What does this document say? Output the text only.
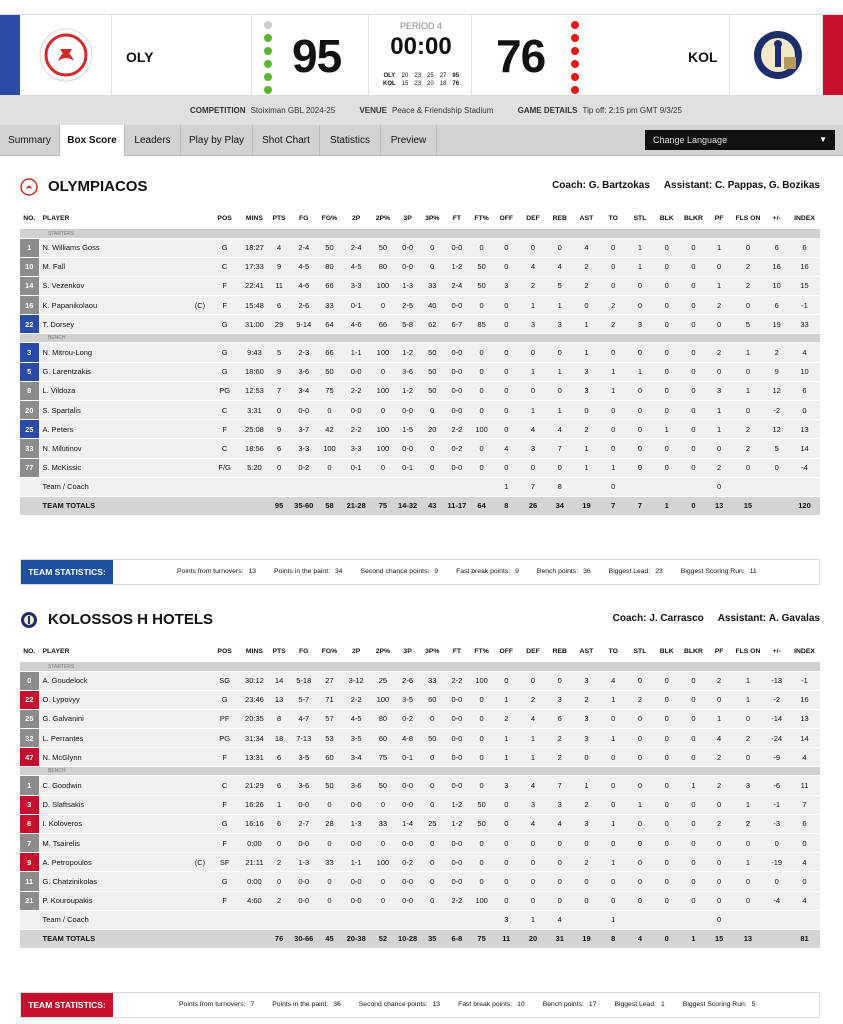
OLY	95
PERIOD 4
00:00
OLY	20	23	25	27	95
KOL	15	23	20	18	76
76	KOL
COMPETITION Stoiximan GBL 2024-25	VENUE Peace & Friendship Stadium	GAME DETAILS Tip off: 2:15 pm GMT 9/3/25
Summary	Box Score	Leaders	Play by Play	Shot Chart	Statistics	Preview	Change Language	▼
OLYMPIACOS	Coach: G. Bartzokas Assistant: C. Pappas, G. Bozikas
NO.	PLAYER	POS	MINS	PTS	FG	FG%	2P	2P%	3P	3P%	FT	FT%	OFF	DEF	REB	AST	TO	STL	BLK	BLKR	PF	FLS ON	+/-	INDEX
STARTERS																								
1	N. Williams Goss	G	18:27	4	2-4	50	2-4	50	0-0	0	0-0	0	0	0	0	4	0	1	0	0	1	0	6	6
10	M. Fall	C	17:33	9	4-5	80	4-5	80	0-0	0	1-2	50	0	4	4	2	0	1	0	0	0	2	16	16
14	S. Vezenkov	F	22:41	11	4-6	66	3-3	100	1-3	33	2-4	50	3	2	5	2	0	0	0	0	1	2	10	15
16	K. Papanikolaou (C)	F	15:48	6	2-6	33	0-1	0	2-5	40	0-0	0	0	1	1	0	2	0	0	0	2	0	6	-1
22	T. Dorsey	G	31:00	29	9-14	64	4-6	66	5-8	62	6-7	85	0	3	3	1	2	3	0	0	0	5	19	33
BENCH																								
3	N. Mitrou-Long	G	9:43	5	2-3	66	1-1	100	1-2	50	0-0	0	0	0	0	1	0	0	0	0	2	1	2	4
5	G. Larentzakis	G	18:60	9	3-6	50	0-0	0	3-6	50	0-0	0	0	1	1	3	1	1	0	0	0	0	9	10
8	L. Vildoza	PG	12:53	7	3-4	75	2-2	100	1-2	50	0-0	0	0	0	0	3	1	0	0	0	3	1	12	6
20	S. Spartalis	C	3:31	0	0-0	0	0-0	0	0-0	0	0-0	0	0	1	1	0	0	0	0	0	1	0	-2	0
25	A. Peters	F	25:08	9	3-7	42	2-2	100	1-5	20	2-2	100	0	4	4	2	0	0	1	0	1	2	12	13
33	N. Milutinov	C	18:56	6	3-3	100	3-3	100	0-0	0	0-2	0	4	3	7	1	0	0	0	0	0	2	5	14
77	S. McKissic	F/G	5:20	0	0-2	0	0-1	0	0-1	0	0-0	0	0	0	0	1	1	0	0	0	2	0	0	-4
	Team / Coach												1	7	8		0				0			
	TEAM TOTALS			95	35-60	58	21-28	75	14-32	43	11-17	64	8	26	34	19	7	7	1	0	13	15		120
TEAM STATISTICS:	Points from turnovers: 13	Points in the paint: 34	Second chance points: 9	Fast break points: 9	Bench points: 36	Biggest Lead: 23	Biggest Scoring Run: 11
KOLOSSOS H HOTELS	Coach: J. Carrasco Assistant: A. Gavalas
NO.	PLAYER	POS	MINS	PTS	FG	FG%	2P	2P%	3P	3P%	FT	FT%	OFF	DEF	REB	AST	TO	STL	BLK	BLKR	PF	FLS ON	+/-	INDEX
STARTERS																								
0	A. Goudelock	SG	30:12	14	5-18	27	3-12	25	2-6	33	2-2	100	0	0	0	3	4	0	0	0	2	1	-13	-1
22	O. Lypovyy	G	23:46	13	5-7	71	2-2	100	3-5	60	0-0	0	1	2	3	2	1	2	0	0	0	1	-2	16
25	G. Galvanini	PF	20:35	8	4-7	57	4-5	80	0-2	0	0-0	0	2	4	6	3	0	0	0	0	1	0	-14	13
32	L. Perrantes	PG	31:34	18	7-13	53	3-5	60	4-8	50	0-0	0	1	1	2	3	1	0	0	0	4	2	-24	14
47	N. McGlynn	F	13:31	6	3-5	60	3-4	75	0-1	0	0-0	0	1	1	2	0	0	0	0	0	2	0	-9	4
BENCH																								
1	C. Goodwin	C	21:29	6	3-6	50	3-6	50	0-0	0	0-0	0	3	4	7	1	0	0	0	1	2	3	-6	11
3	D. Slaftsakis	F	16:26	1	0-0	0	0-0	0	0-0	0	1-2	50	0	3	3	2	0	1	0	0	0	1	-1	7
6	I. Koloveros	G	16:16	6	2-7	28	1-3	33	1-4	25	1-2	50	0	4	4	3	1	0	0	0	2	2	-3	6
7	M. Tsairelis	F	0:00	0	0-0	0	0-0	0	0-0	0	0-0	0	0	0	0	0	0	0	0	0	0	0	0	0
9	A. Petropoulos (C)	SF	21:11	2	1-3	33	1-1	100	0-2	0	0-0	0	0	0	0	2	1	0	0	0	0	1	-19	4
11	G. Chatzinikolas	G	0:00	0	0-0	0	0-0	0	0-0	0	0-0	0	0	0	0	0	0	0	0	0	0	0	0	0
21	P. Kouroupakis	F	4:60	2	0-0	0	0-0	0	0-0	0	2-2	100	0	0	0	0	0	0	0	0	0	0	-4	4
	Team / Coach												3	1	4		1				0			
	TEAM TOTALS			76	30-66	45	20-38	52	10-28	35	6-8	75	11	20	31	19	8	4	0	1	15	13		81
TEAM STATISTICS:	Points from turnovers: 7	Points in the paint: 36	Second chance points: 13	Fast break points: 10	Bench points: 17	Biggest Lead: 1	Biggest Scoring Run: 5
